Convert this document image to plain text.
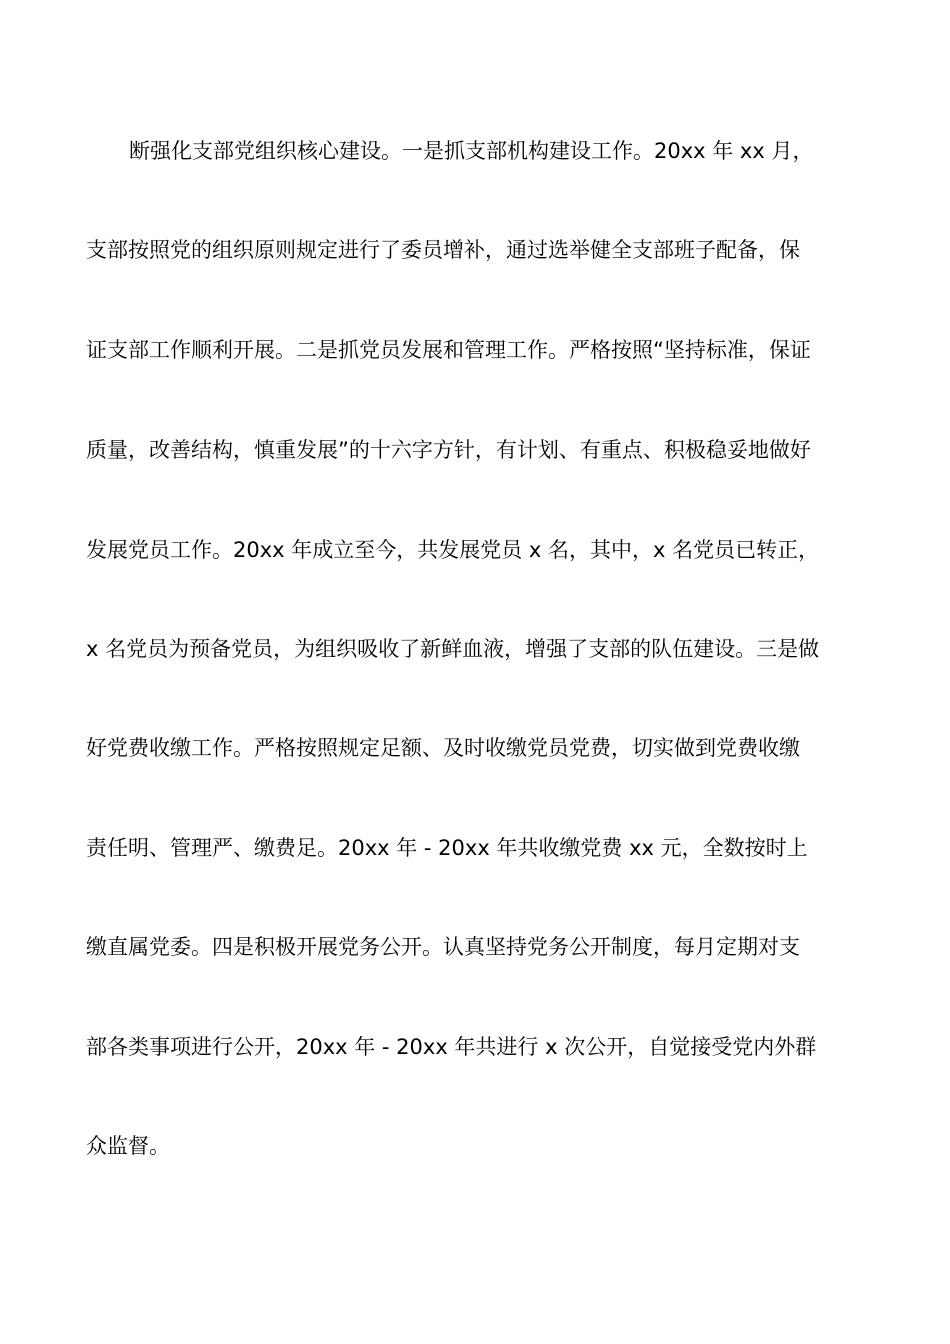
断强化支部党组织核心建设。一是抓支部机构建设工作。20xx 年 xx 月，
支部按照党的组织原则规定进行了委员增补，通过选举健全支部班子配备，保
证支部工作顺利开展。二是抓党员发展和管理工作。严格按照“坚持标准，保证
质量，改善结构，慎重发展”的十六字方针，有计划、有重点、积极稳妥地做好
发展党员工作。20xx 年成立至今，共发展党员 x 名，其中，x 名党员已转正，
x 名党员为预备党员，为组织吸收了新鲜血液，增强了支部的队伍建设。三是做
好党费收缴工作。严格按照规定足额、及时收缴党员党费，切实做到党费收缴
责任明、管理严、缴费足。20xx 年 - 20xx 年共收缴党费 xx 元，全数按时上
缴直属党委。四是积极开展党务公开。认真坚持党务公开制度，每月定期对支
部各类事项进行公开，20xx 年 - 20xx 年共进行 x 次公开，自觉接受党内外群
众监督。
